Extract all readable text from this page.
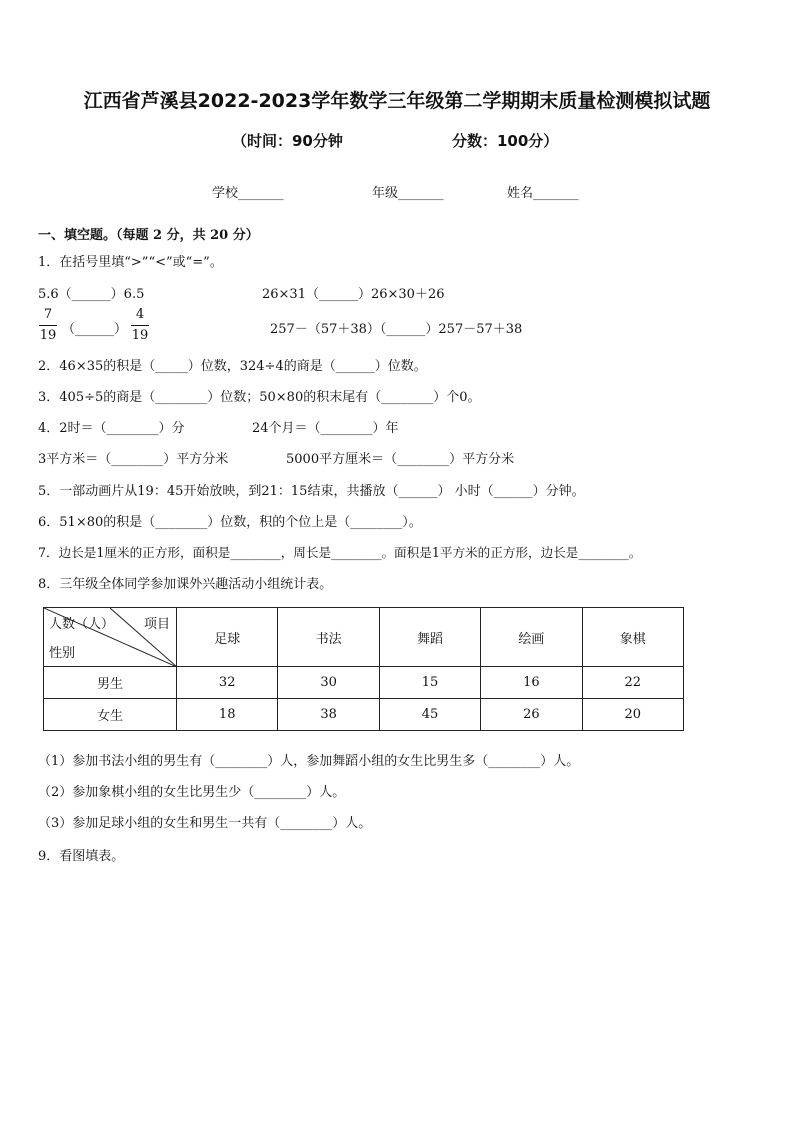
江西省芦溪县2022-2023学年数学三年级第二学期期末质量检测模拟试题
（时间：90分钟	分数：100分）
学校_______	年级_______	姓名_______
一、填空题。（每题 2 分，共 20 分）
1．在括号里填“>”“<”或“=”。
5.6（______）6.5	26×31（______）26×30＋26
7
19 （______）
4
19	257－（57＋38）（______）257－57＋38
2．46×35的积是（_____）位数，324÷4的商是（______）位数。
3．405÷5的商是（________）位数；50×80的积末尾有（________）个0。
4．2时＝（________）分	24个月＝（________）年
3平方米＝（________）平方分米	5000平方厘米＝（________）平方分米
5．一部动画片从19：45开始放映，到21：15结束，共播放（______） 小时（______）分钟。
6．51×80的积是（________）位数，积的个位上是（________）。
7．边长是1厘米的正方形，面积是________，周长是________。面积是1平方米的正方形，边长是________。
8．三年级全体同学参加课外兴趣活动小组统计表。
人数（人） 项目
性别	足球	书法	舞蹈	绘画	象棋
男生	32	30	15	16	22
女生	18	38	45	26	20
（1）参加书法小组的男生有（________）人，参加舞蹈小组的女生比男生多（________）人。
（2）参加象棋小组的女生比男生少（________）人。
（3）参加足球小组的女生和男生一共有（________）人。
9．看图填表。
